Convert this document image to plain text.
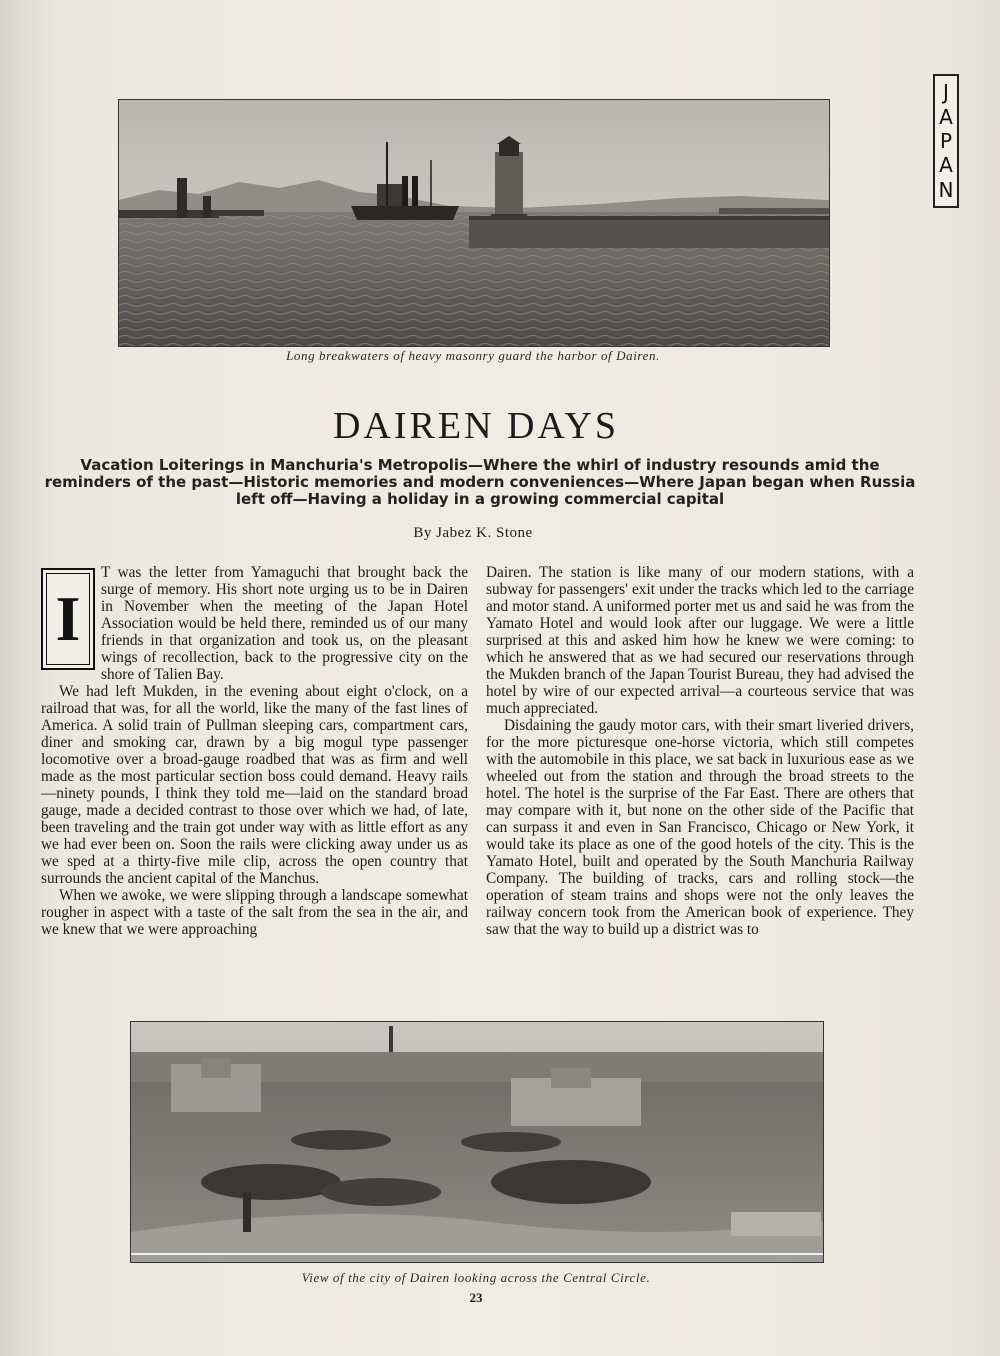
J
A
P
A
N
Long breakwaters of heavy masonry guard the harbor of Dairen.
DAIREN DAYS
Vacation Loiterings in Manchuria's Metropolis—Where the whirl of industry resounds amid the reminders of the past—Historic memories and modern conveniences—Where Japan began when Russia left off—Having a holiday in a growing commercial capital
By Jabez K. Stone
I

T was the letter from Yamaguchi that brought back the surge of memory. His short note urging us to be in Dairen in November when the meeting of the Japan Hotel Association would be held there, reminded us of our many friends in that organization and took us, on the pleasant wings of recollection, back to the progressive city on the shore of Talien Bay.

We had left Mukden, in the evening about eight o'clock, on a railroad that was, for all the world, like the many of the fast lines of America. A solid train of Pullman sleeping cars, compartment cars, diner and smoking car, drawn by a big mogul type passenger locomotive over a broad-gauge roadbed that was as firm and well made as the most particular section boss could demand. Heavy rails—ninety pounds, I think they told me—laid on the standard broad gauge, made a decided contrast to those over which we had, of late, been traveling and the train got under way with as little effort as any we had ever been on. Soon the rails were clicking away under us as we sped at a thirty-five mile clip, across the open country that surrounds the ancient capital of the Manchus.

When we awoke, we were slipping through a landscape somewhat rougher in aspect with a taste of the salt from the sea in the air, and we knew that we were approaching

Dairen. The station is like many of our modern stations, with a subway for passengers' exit under the tracks which led to the carriage and motor stand. A uniformed porter met us and said he was from the Yamato Hotel and would look after our luggage. We were a little surprised at this and asked him how he knew we were coming: to which he answered that as we had secured our reservations through the Mukden branch of the Japan Tourist Bureau, they had advised the hotel by wire of our expected arrival—a courteous service that was much appreciated.

Disdaining the gaudy motor cars, with their smart liveried drivers, for the more picturesque one-horse victoria, which still competes with the automobile in this place, we sat back in luxurious ease as we wheeled out from the station and through the broad streets to the hotel. The hotel is the surprise of the Far East. There are others that may compare with it, but none on the other side of the Pacific that can surpass it and even in San Francisco, Chicago or New York, it would take its place as one of the good hotels of the city. This is the Yamato Hotel, built and operated by the South Manchuria Railway Company. The building of tracks, cars and rolling stock—the operation of steam trains and shops were not the only leaves the railway concern took from the American book of experience. They saw that the way to build up a district was to

View of the city of Dairen looking across the Central Circle.
23
